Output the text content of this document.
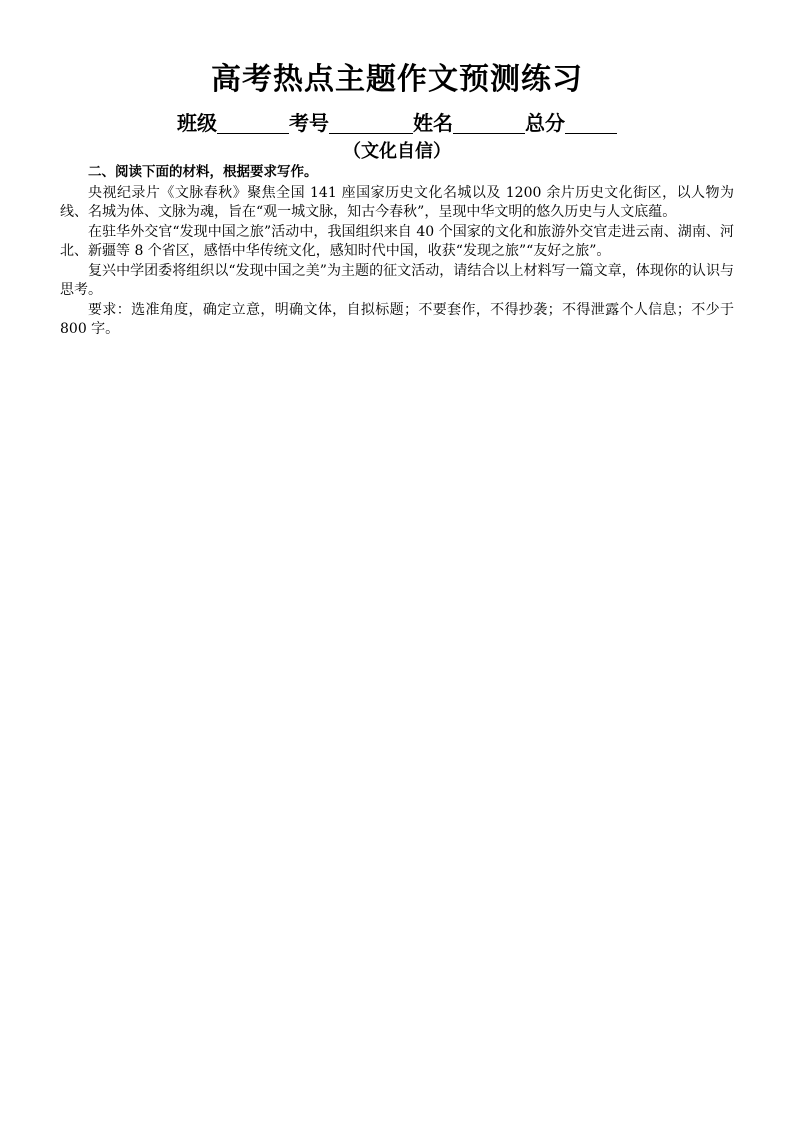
高考热点主题作文预测练习
班级	考号	姓名	总分
（文化自信）

二、阅读下面的材料，根据要求写作。

央视纪录片《文脉春秋》聚焦全国 141 座国家历史文化名城以及 1200 余片历史文化街区，以人物为线、名城为体、文脉为魂，旨在“观一城文脉，知古今春秋”，呈现中华文明的悠久历史与人文底蕴。

在驻华外交官“发现中国之旅”活动中，我国组织来自 40 个国家的文化和旅游外交官走进云南、湖南、河北、新疆等 8 个省区，感悟中华传统文化，感知时代中国，收获“发现之旅”“友好之旅”。

复兴中学团委将组织以“发现中国之美”为主题的征文活动，请结合以上材料写一篇文章，体现你的认识与思考。

要求：选准角度，确定立意，明确文体，自拟标题；不要套作，不得抄袭；不得泄露个人信息；不少于 800 字。
